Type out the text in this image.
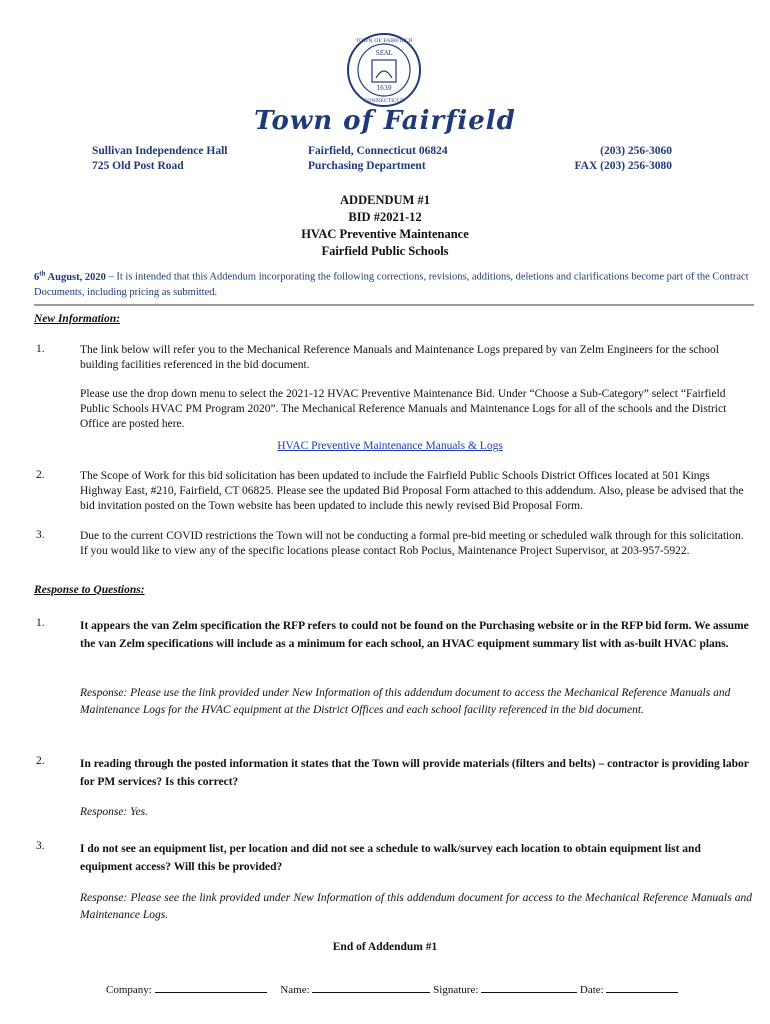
SEAL
1639
CONNECTICUT
TOWN OF FAIRFIELD
Town of Fairfield
Sullivan Independence Hall
725 Old Post Road
Fairfield, Connecticut 06824
Purchasing Department
(203) 256-3060
FAX (203) 256-3080
ADDENDUM #1
BID #2021-12
HVAC Preventive Maintenance
Fairfield Public Schools
6th August, 2020 – It is intended that this Addendum incorporating the following corrections, revisions, additions, deletions and clarifications become part of the Contract Documents, including pricing as submitted.
New Information:
1.	The link below will refer you to the Mechanical Reference Manuals and Maintenance Logs prepared by van Zelm Engineers for the school building facilities referenced in the bid document.
Please use the drop down menu to select the 2021-12 HVAC Preventive Maintenance Bid. Under “Choose a Sub-Category” select “Fairfield Public Schools HVAC PM Program 2020”. The Mechanical Reference Manuals and Maintenance Logs for all of the schools and the District Office are posted here.
HVAC Preventive Maintenance Manuals & Logs
2.	The Scope of Work for this bid solicitation has been updated to include the Fairfield Public Schools District Offices located at 501 Kings Highway East, #210, Fairfield, CT 06825. Please see the updated Bid Proposal Form attached to this addendum. Also, please be advised that the bid invitation posted on the Town website has been updated to include this newly revised Bid Proposal Form.
3.	Due to the current COVID restrictions the Town will not be conducting a formal pre-bid meeting or scheduled walk through for this solicitation. If you would like to view any of the specific locations please contact Rob Pocius, Maintenance Project Supervisor, at 203-957-5922.
Response to Questions:
1.	It appears the van Zelm specification the RFP refers to could not be found on the Purchasing website or in the RFP bid form. We assume the van Zelm specifications will include as a minimum for each school, an HVAC equipment summary list with as-built HVAC plans.
Response: Please use the link provided under New Information of this addendum document to access the Mechanical Reference Manuals and Maintenance Logs for the HVAC equipment at the District Offices and each school facility referenced in the bid document.
2.	In reading through the posted information it states that the Town will provide materials (filters and belts) – contractor is providing labor for PM services? Is this correct?
Response: Yes.
3.	I do not see an equipment list, per location and did not see a schedule to walk/survey each location to obtain equipment list and equipment access? Will this be provided?
Response: Please see the link provided under New Information of this addendum document for access to the Mechanical Reference Manuals and Maintenance Logs.
End of Addendum #1
Company:	Name:	Signature:	Date:
